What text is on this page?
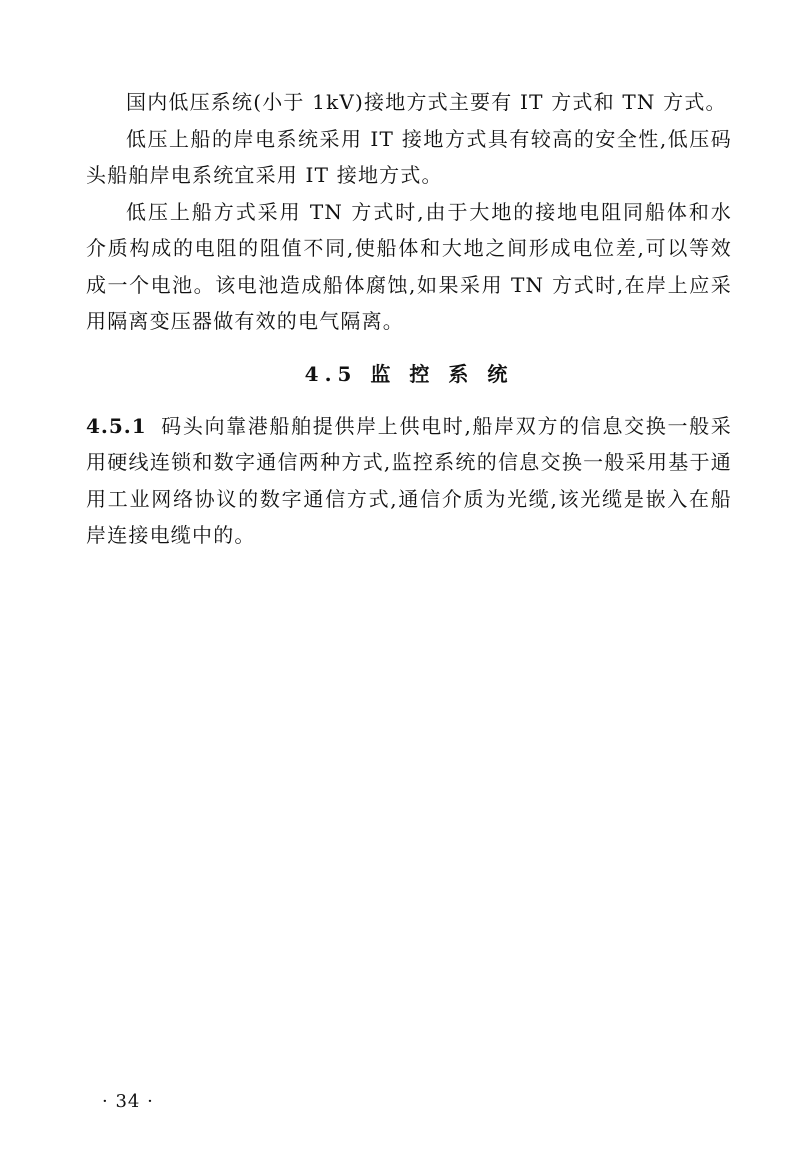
国内低压系统(小于 1kV)接地方式主要有 IT 方式和 TN 方式。

低压上船的岸电系统采用 IT 接地方式具有较高的安全性,低压码头船舶岸电系统宜采用 IT 接地方式。

低压上船方式采用 TN 方式时,由于大地的接地电阻同船体和水介质构成的电阻的阻值不同,使船体和大地之间形成电位差,可以等效成一个电池。该电池造成船体腐蚀,如果采用 TN 方式时,在岸上应采用隔离变压器做有效的电气隔离。

4.5 监 控 系 统

4.5.1 码头向靠港船舶提供岸上供电时,船岸双方的信息交换一般采用硬线连锁和数字通信两种方式,监控系统的信息交换一般采用基于通用工业网络协议的数字通信方式,通信介质为光缆,该光缆是嵌入在船岸连接电缆中的。

· 34 ·
